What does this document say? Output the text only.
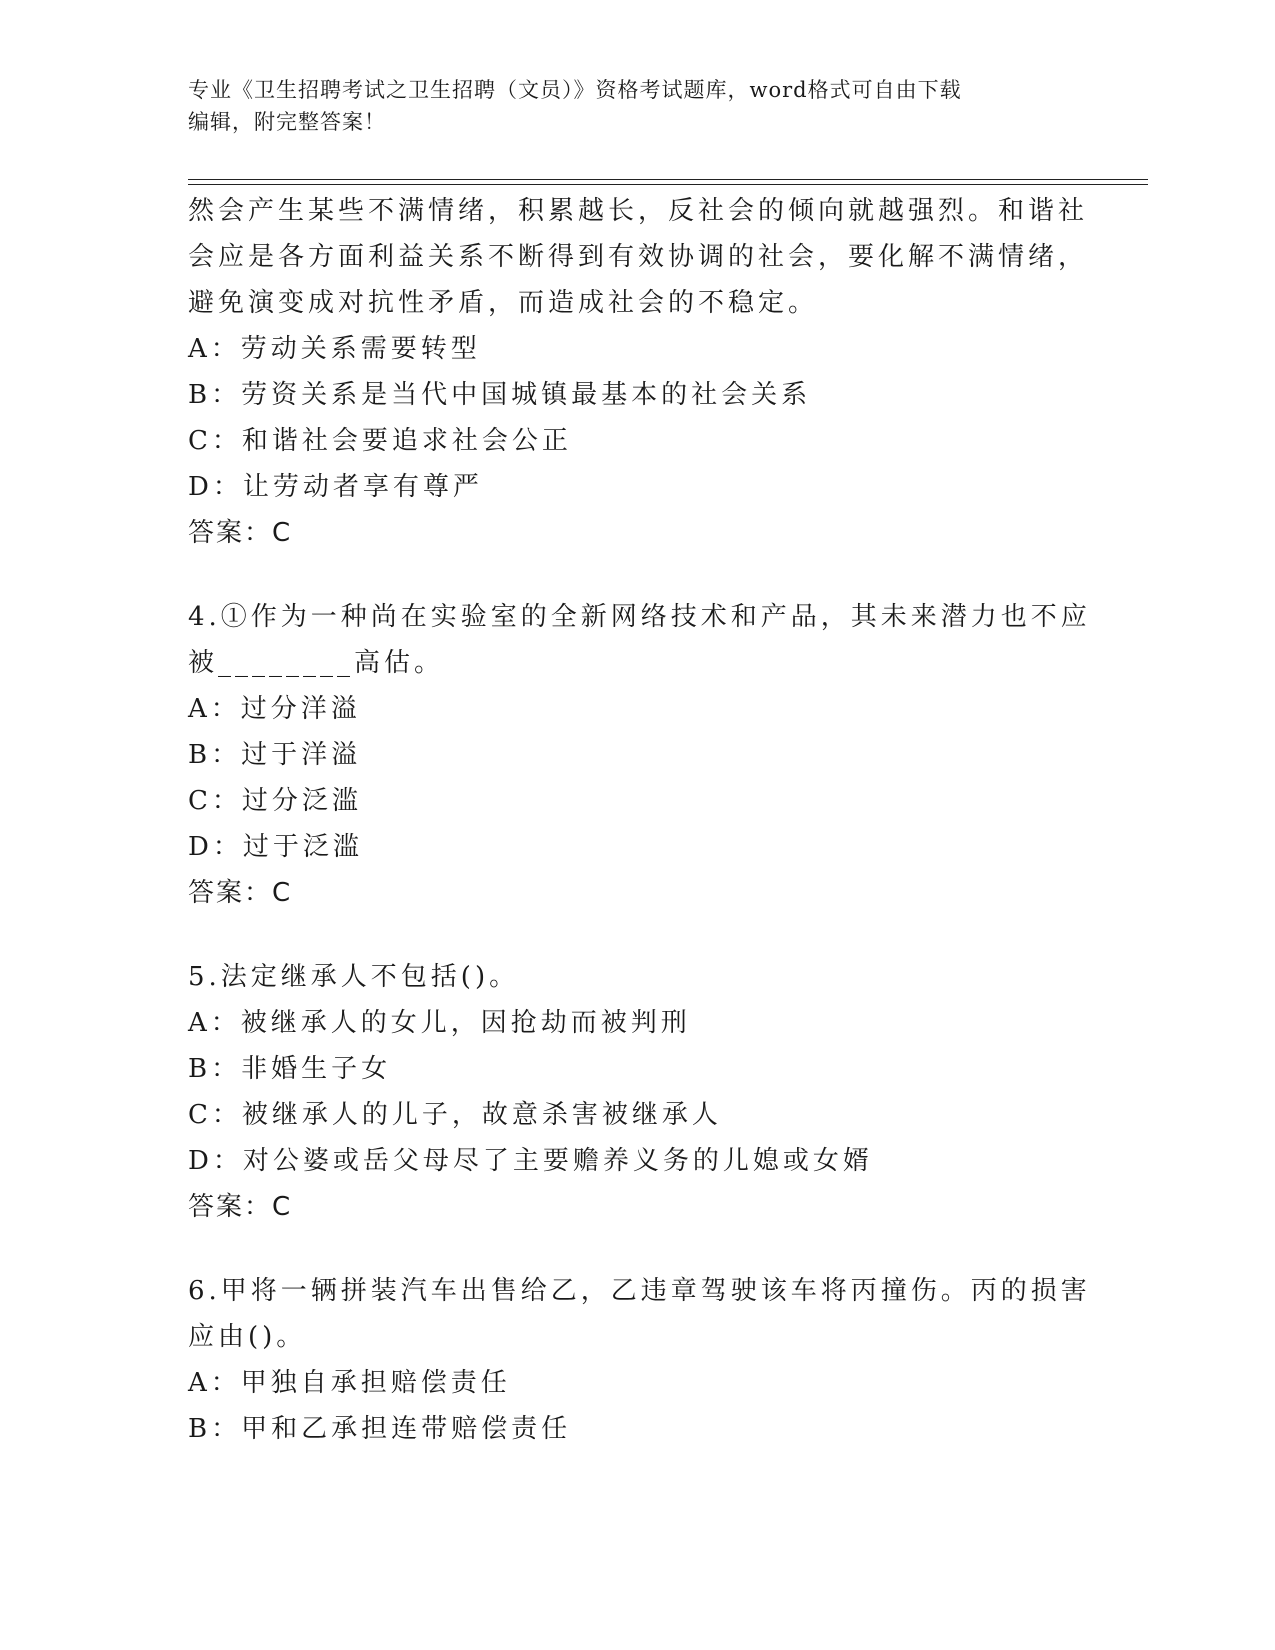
专业《卫生招聘考试之卫生招聘（文员）》资格考试题库，word格式可自由下载
编辑，附完整答案！
然会产生某些不满情绪，积累越长，反社会的倾向就越强烈。和谐社
会应是各方面利益关系不断得到有效协调的社会，要化解不满情绪，
避免演变成对抗性矛盾，而造成社会的不稳定。
A：劳动关系需要转型
B：劳资关系是当代中国城镇最基本的社会关系
C：和谐社会要追求社会公正
D：让劳动者享有尊严
答案：C
4.①作为一种尚在实验室的全新网络技术和产品，其未来潜力也不应
被________高估。
A：过分洋溢
B：过于洋溢
C：过分泛滥
D：过于泛滥
答案：C
5.法定继承人不包括()。
A：被继承人的女儿，因抢劫而被判刑
B：非婚生子女
C：被继承人的儿子，故意杀害被继承人
D：对公婆或岳父母尽了主要赡养义务的儿媳或女婿
答案：C
6.甲将一辆拼装汽车出售给乙，乙违章驾驶该车将丙撞伤。丙的损害
应由()。
A：甲独自承担赔偿责任
B：甲和乙承担连带赔偿责任
